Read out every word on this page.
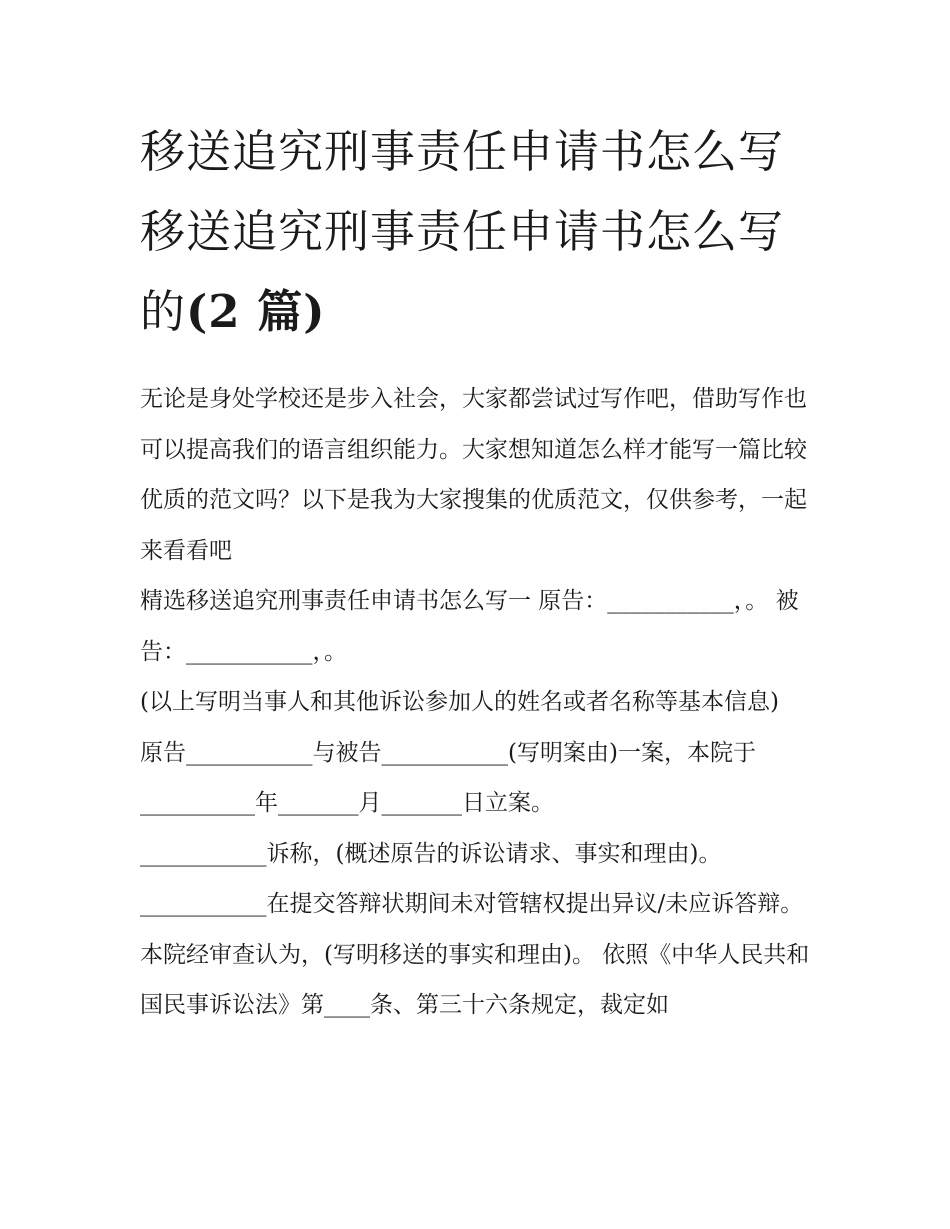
移送追究刑事责任申请书怎么写 移送追究刑事责任申请书怎么写的(2 篇)

无论是身处学校还是步入社会，大家都尝试过写作吧，借助写作也可以提高我们的语言组织能力。大家想知道怎么样才能写一篇比较优质的范文吗？以下是我为大家搜集的优质范文，仅供参考，一起来看看吧

精选移送追究刑事责任申请书怎么写一 原告：___________，。 被告：___________，。

(以上写明当事人和其他诉讼参加人的姓名或者名称等基本信息)

原告___________与被告___________(写明案由)一案，本院于__________年_______月_______日立案。

___________诉称，(概述原告的诉讼请求、事实和理由)。

___________在提交答辩状期间未对管辖权提出异议/未应诉答辩。

本院经审查认为，(写明移送的事实和理由)。 依照《中华人民共和国民事诉讼法》第____条、第三十六条规定，裁定如
